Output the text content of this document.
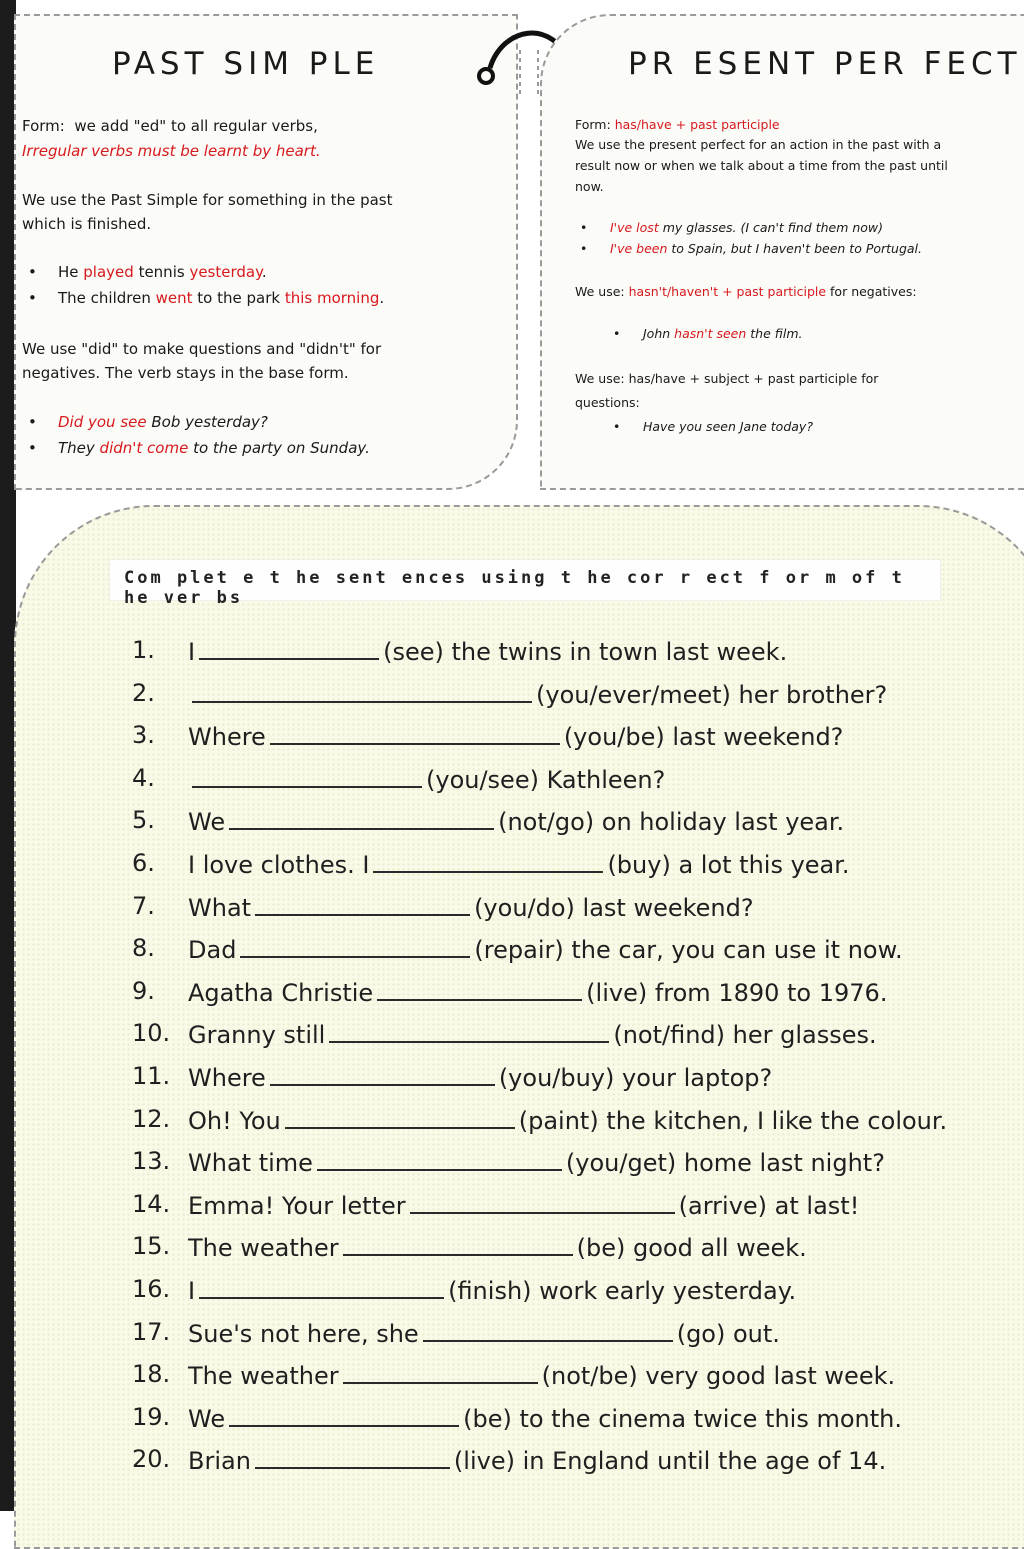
PAST SIM PLE
Form: we add "ed" to all regular verbs,
Irregular verbs must be learnt by heart.
We use the Past Simple for something in the past
which is finished.
• He played tennis yesterday.
• The children went to the park this morning.
We use "did" to make questions and "didn't" for
negatives. The verb stays in the base form.
• Did you see Bob yesterday?
• They didn't come to the party on Sunday.
PR ESENT PER FECT
Form: has/have + past participle
We use the present perfect for an action in the past with a
result now or when we talk about a time from the past until
now.
• I've lost my glasses. (I can't find them now)
• I've been to Spain, but I haven't been to Portugal.
We use: hasn't/haven't + past participle for negatives:
• John hasn't seen the film.
We use: has/have + subject + past participle for
questions:
• Have you seen Jane today?
Com plet e t he sent ences using t he cor r ect f or m of t he ver bs
1. I	(see) the twins in town last week.
2.	(you/ever/meet) her brother?
3. Where	(you/be) last weekend?
4.	(you/see) Kathleen?
5. We	(not/go) on holiday last year.
6. I love clothes. I	(buy) a lot this year.
7. What	(you/do) last weekend?
8. Dad	(repair) the car, you can use it now.
9. Agatha Christie	(live) from 1890 to 1976.
10. Granny still	(not/find) her glasses.
11. Where	(you/buy) your laptop?
12. Oh! You	(paint) the kitchen, I like the colour.
13. What time	(you/get) home last night?
14. Emma! Your letter	(arrive) at last!
15. The weather	(be) good all week.
16. I	(finish) work early yesterday.
17. Sue's not here, she	(go) out.
18. The weather	(not/be) very good last week.
19. We	(be) to the cinema twice this month.
20. Brian	(live) in England until the age of 14.
